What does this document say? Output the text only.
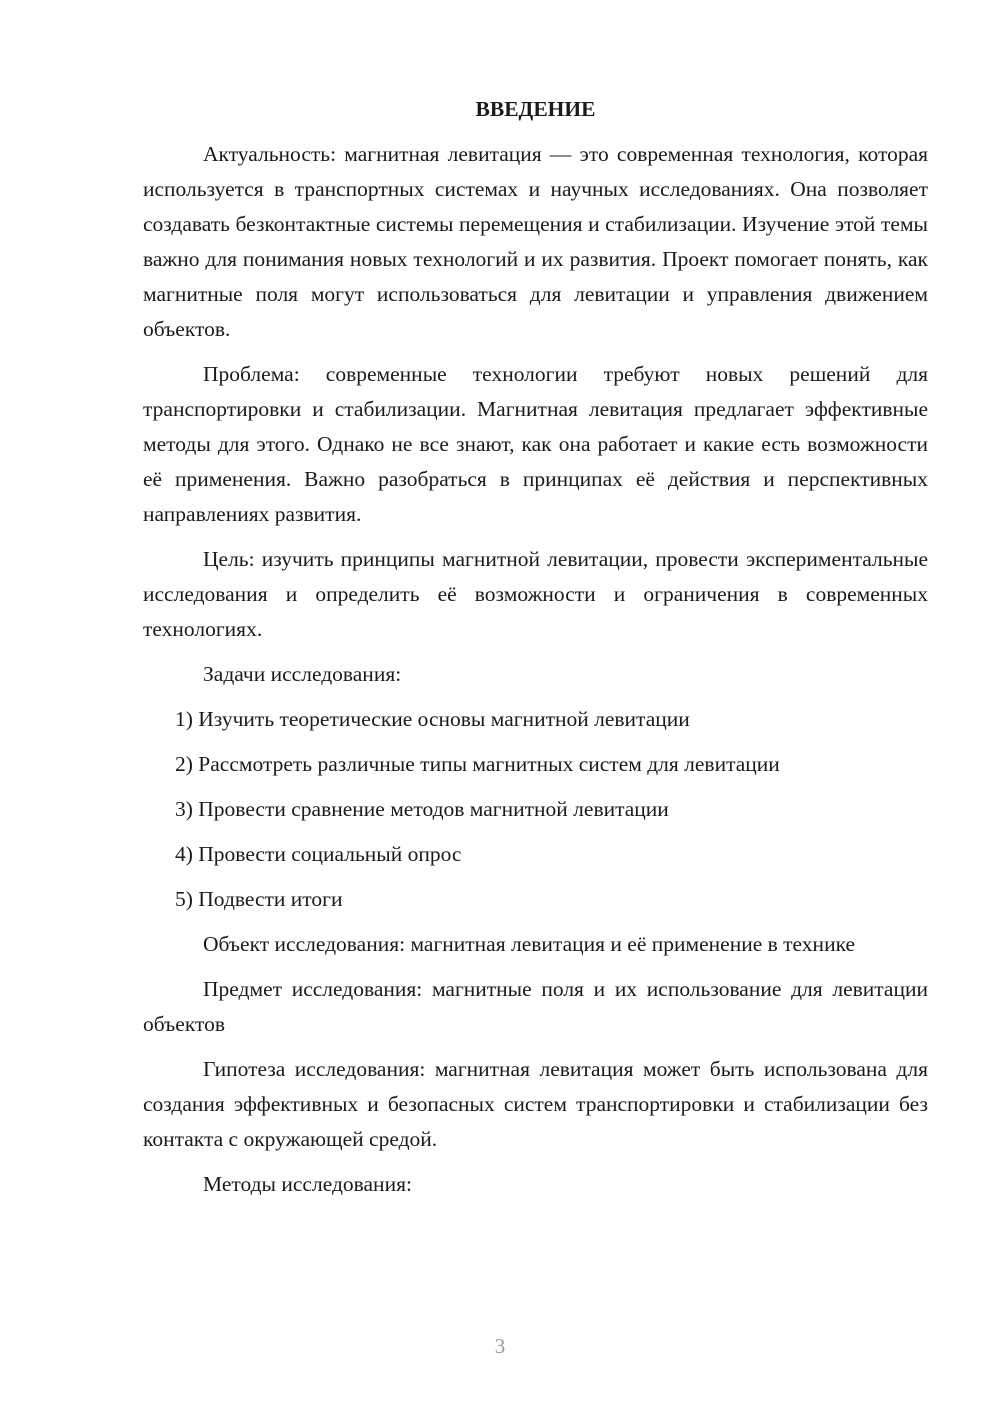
ВВЕДЕНИЕ
Актуальность: магнитная левитация — это современная технология, которая используется в транспортных системах и научных исследованиях. Она позволяет создавать безконтактные системы перемещения и стабилизации. Изучение этой темы важно для понимания новых технологий и их развития. Проект помогает понять, как магнитные поля могут использоваться для левитации и управления движением объектов.
Проблема: современные технологии требуют новых решений для транспортировки и стабилизации. Магнитная левитация предлагает эффективные методы для этого. Однако не все знают, как она работает и какие есть возможности её применения. Важно разобраться в принципах её действия и перспективных направлениях развития.
Цель: изучить принципы магнитной левитации, провести экспериментальные исследования и определить её возможности и ограничения в современных технологиях.
Задачи исследования:
1) Изучить теоретические основы магнитной левитации
2) Рассмотреть различные типы магнитных систем для левитации
3) Провести сравнение методов магнитной левитации
4) Провести социальный опрос
5) Подвести итоги
Объект исследования: магнитная левитация и её применение в технике
Предмет исследования: магнитные поля и их использование для левитации объектов
Гипотеза исследования: магнитная левитация может быть использована для создания эффективных и безопасных систем транспортировки и стабилизации без контакта с окружающей средой.
Методы исследования:
3
